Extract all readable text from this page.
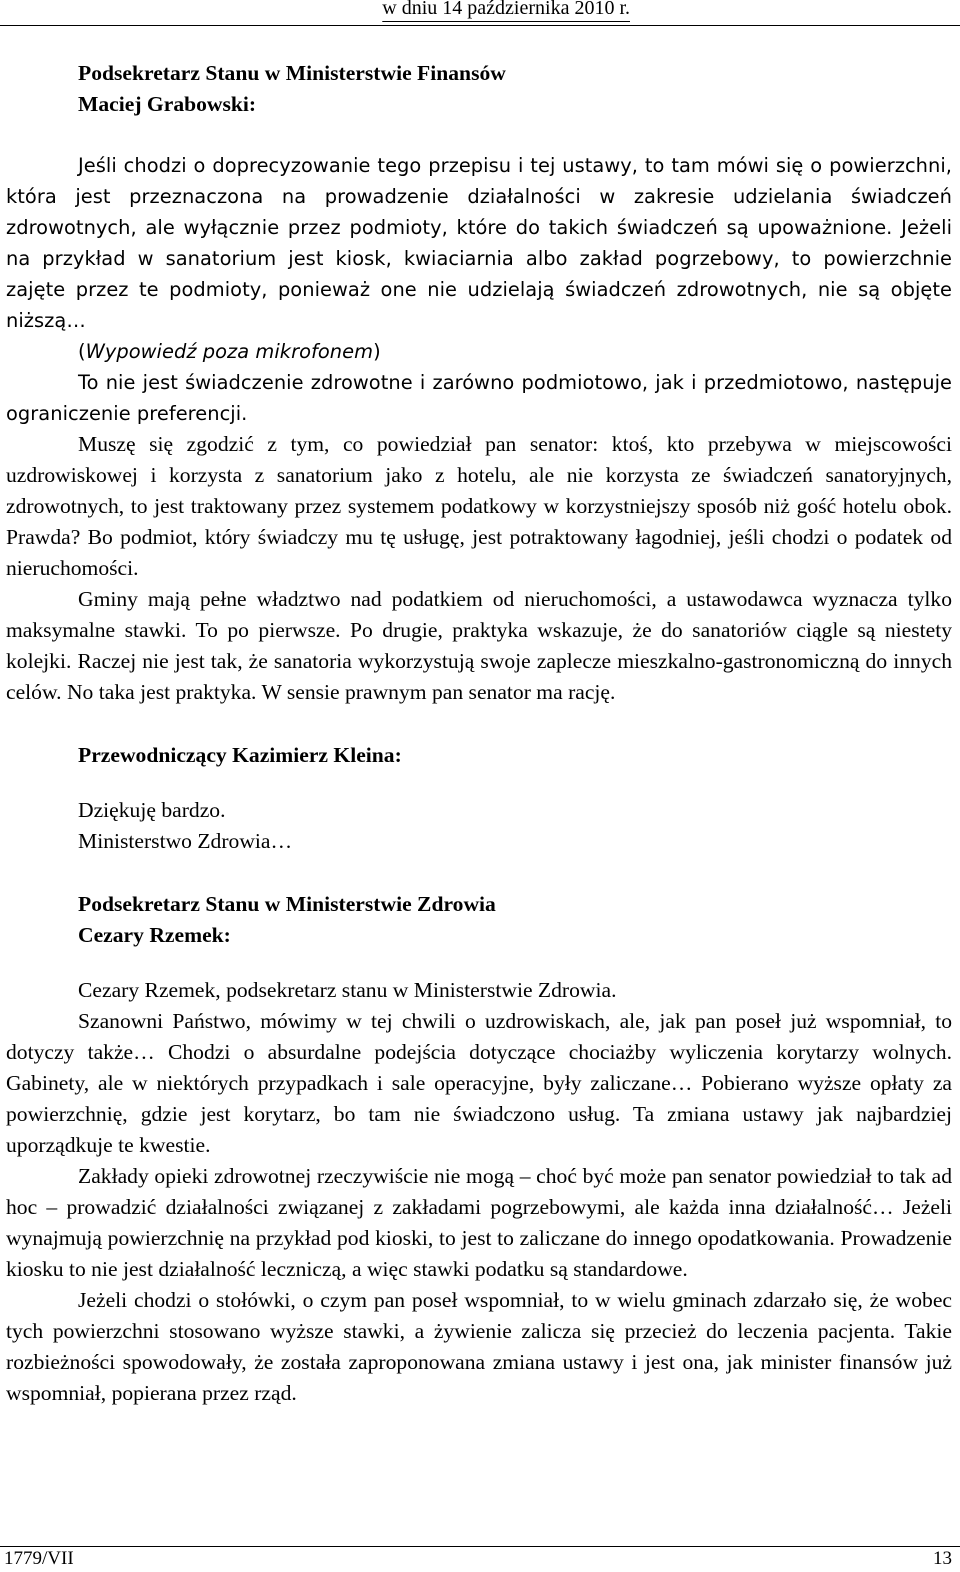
w dniu 14 października 2010 r.

Podsekretarz Stanu w Ministerstwie Finansów

Maciej Grabowski:

Jeśli chodzi o doprecyzowanie tego przepisu i tej ustawy, to tam mówi się o powierzchni, która jest przeznaczona na prowadzenie działalności w zakresie udzielania świadczeń zdrowotnych, ale wyłącznie przez podmioty, które do takich świadczeń są upoważnione. Jeżeli na przykład w sanatorium jest kiosk, kwiaciarnia albo zakład pogrzebowy, to powierzchnie zajęte przez te podmioty, ponieważ one nie udzielają świadczeń zdrowotnych, nie są objęte niższą…

(Wypowiedź poza mikrofonem)

To nie jest świadczenie zdrowotne i zarówno podmiotowo, jak i przedmiotowo, następuje ograniczenie preferencji.

Muszę się zgodzić z tym, co powiedział pan senator: ktoś, kto przebywa w miejscowości uzdrowiskowej i korzysta z sanatorium jako z hotelu, ale nie korzysta ze świadczeń sanatoryjnych, zdrowotnych, to jest traktowany przez systemem podatkowy w korzystniejszy sposób niż gość hotelu obok. Prawda? Bo podmiot, który świadczy mu tę usługę, jest potraktowany łagodniej, jeśli chodzi o podatek od nieruchomości.

Gminy mają pełne władztwo nad podatkiem od nieruchomości, a ustawodawca wyznacza tylko maksymalne stawki. To po pierwsze. Po drugie, praktyka wskazuje, że do sanatoriów ciągle są niestety kolejki. Raczej nie jest tak, że sanatoria wykorzystują swoje zaplecze mieszkalno-gastronomiczną do innych celów. No taka jest praktyka. W sensie prawnym pan senator ma rację.

Przewodniczący Kazimierz Kleina:

Dziękuję bardzo.

Ministerstwo Zdrowia…

Podsekretarz Stanu w Ministerstwie Zdrowia

Cezary Rzemek:

Cezary Rzemek, podsekretarz stanu w Ministerstwie Zdrowia.

Szanowni Państwo, mówimy w tej chwili o uzdrowiskach, ale, jak pan poseł już wspomniał, to dotyczy także… Chodzi o absurdalne podejścia dotyczące chociażby wyliczenia korytarzy wolnych. Gabinety, ale w niektórych przypadkach i sale operacyjne, były zaliczane… Pobierano wyższe opłaty za powierzchnię, gdzie jest korytarz, bo tam nie świadczono usług. Ta zmiana ustawy jak najbardziej uporządkuje te kwestie.

Zakłady opieki zdrowotnej rzeczywiście nie mogą – choć być może pan senator powiedział to tak ad hoc – prowadzić działalności związanej z zakładami pogrzebowymi, ale każda inna działalność… Jeżeli wynajmują powierzchnię na przykład pod kioski, to jest to zaliczane do innego opodatkowania. Prowadzenie kiosku to nie jest działalność leczniczą, a więc stawki podatku są standardowe.

Jeżeli chodzi o stołówki, o czym pan poseł wspomniał, to w wielu gminach zdarzało się, że wobec tych powierzchni stosowano wyższe stawki, a żywienie zalicza się przecież do leczenia pacjenta. Takie rozbieżności spowodowały, że została zaproponowana zmiana ustawy i jest ona, jak minister finansów już wspomniał, popierana przez rząd.

1779/VII	13
